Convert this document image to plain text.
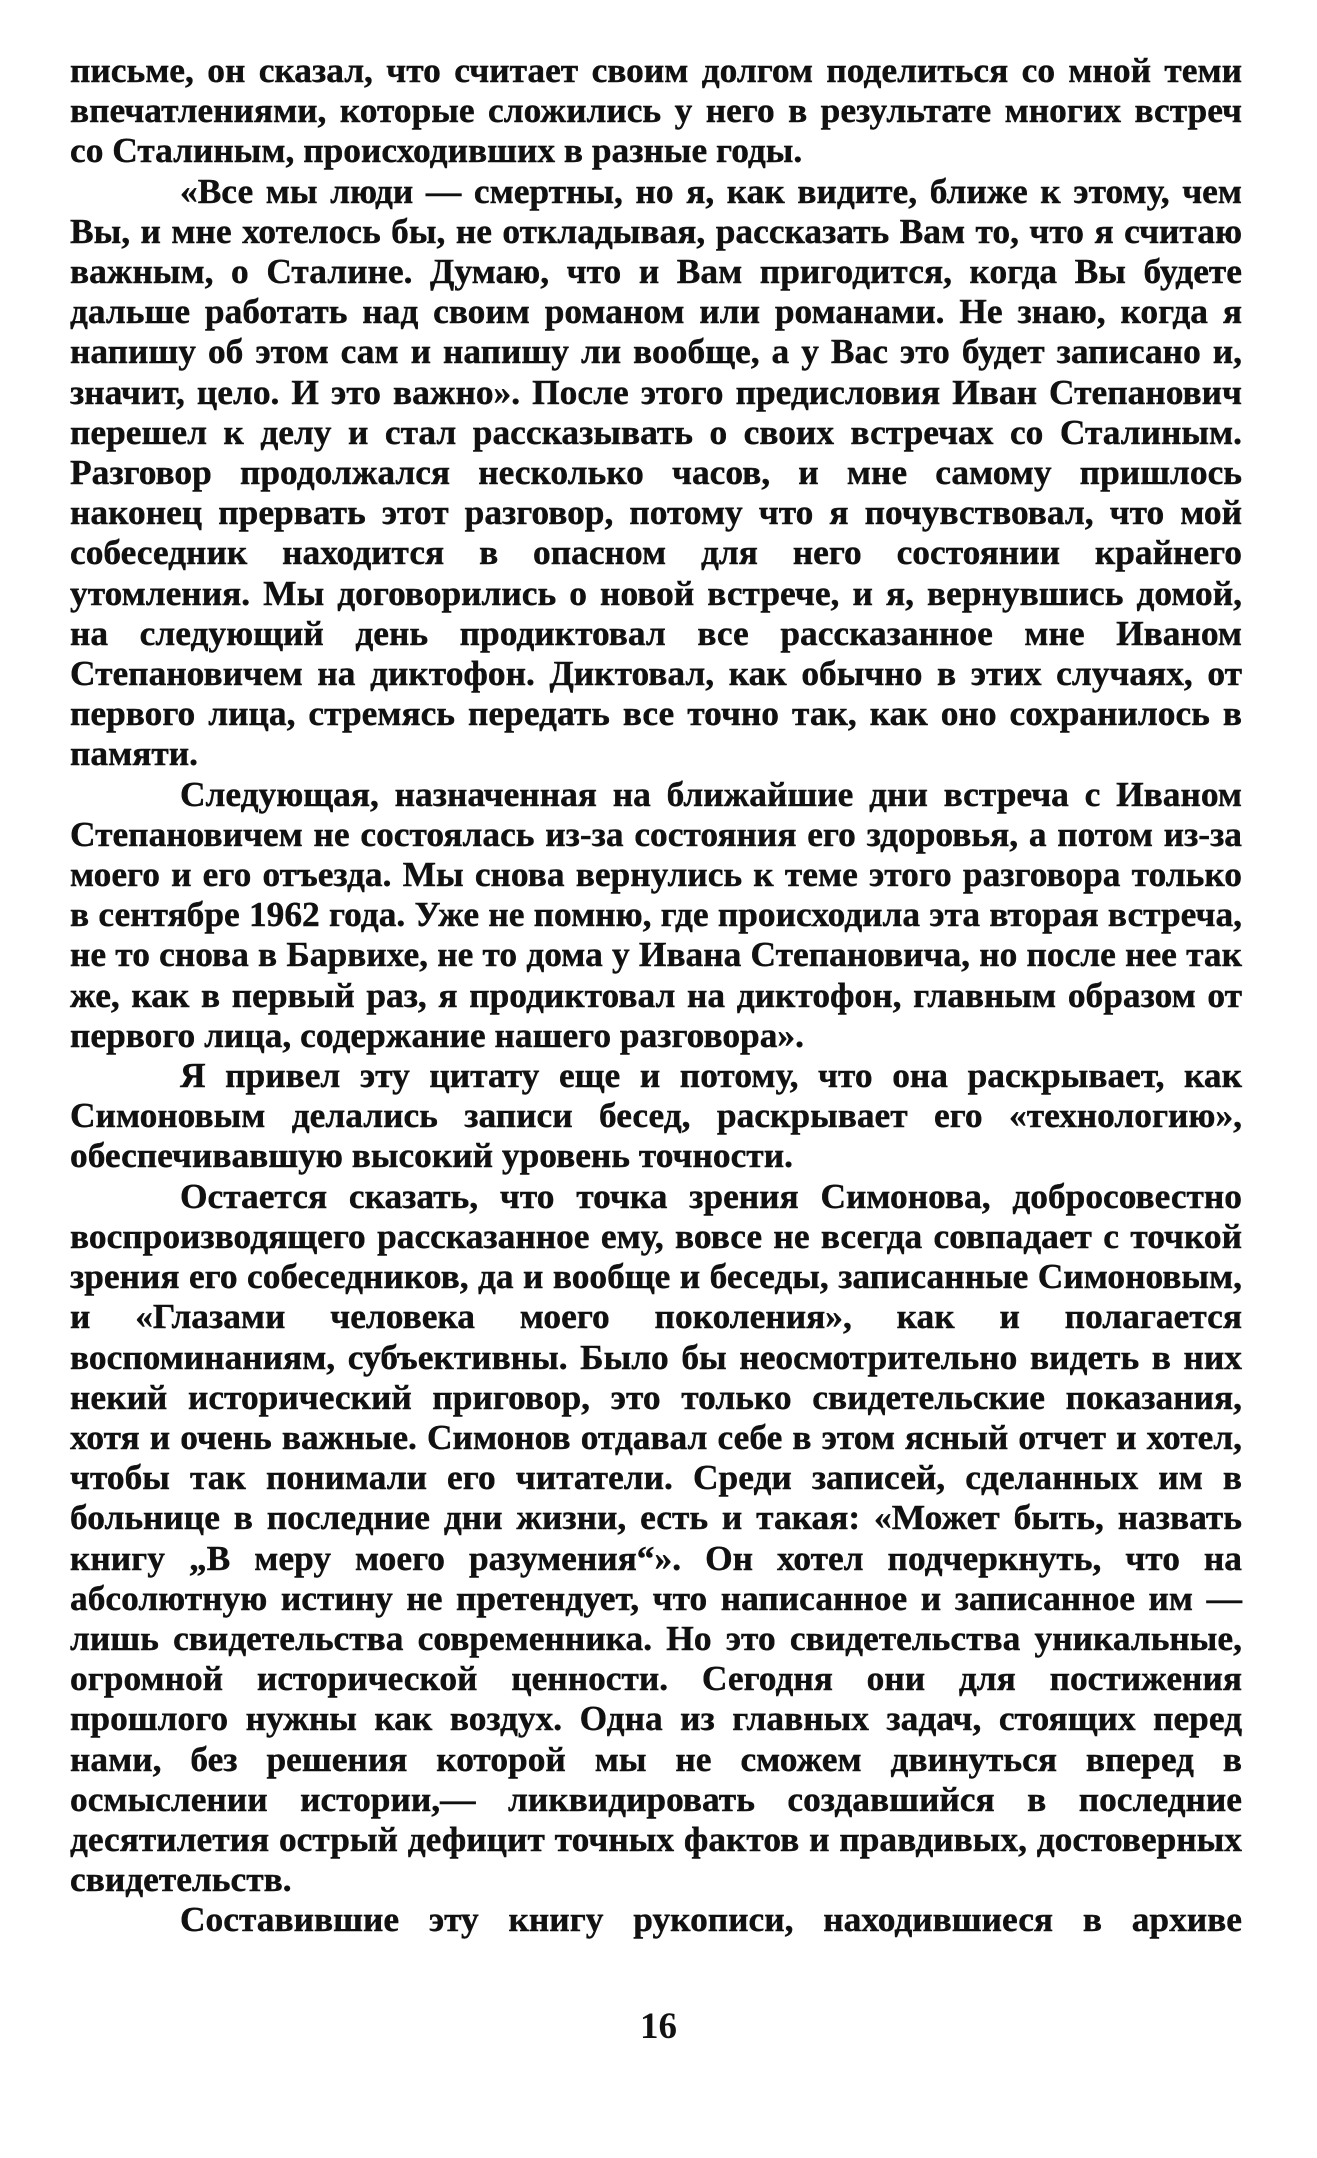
письме, он сказал, что считает своим долгом поделиться со мной теми впечатлениями, которые сложились у него в результате многих встреч со Сталиным, происходивших в разные годы.

«Все мы люди — смертны, но я, как видите, ближе к этому, чем Вы, и мне хотелось бы, не откладывая, рассказать Вам то, что я считаю важным, о Сталине. Думаю, что и Вам пригодится, когда Вы будете дальше работать над своим романом или романами. Не знаю, когда я напишу об этом сам и напишу ли вообще, а у Вас это будет записано и, значит, цело. И это важно». После этого предисловия Иван Степанович перешел к делу и стал рассказывать о своих встречах со Сталиным. Разговор продолжался несколько часов, и мне самому пришлось наконец прервать этот разговор, потому что я почувствовал, что мой собеседник находится в опасном для него состоянии крайнего утомления. Мы договорились о новой встрече, и я, вернувшись домой, на следующий день продиктовал все рассказанное мне Иваном Степановичем на диктофон. Диктовал, как обычно в этих случаях, от первого лица, стремясь передать все точно так, как оно сохранилось в памяти.

Следующая, назначенная на ближайшие дни встреча с Иваном Степановичем не состоялась из-за состояния его здоровья, а потом из-за моего и его отъезда. Мы снова вернулись к теме этого разговора только в сентябре 1962 года. Уже не помню, где происходила эта вторая встреча, не то снова в Барвихе, не то дома у Ивана Степановича, но после нее так же, как в первый раз, я продиктовал на диктофон, главным образом от первого лица, содержание нашего разговора».

Я привел эту цитату еще и потому, что она раскрывает, как Симоновым делались записи бесед, раскрывает его «технологию», обеспечивавшую высокий уровень точности.

Остается сказать, что точка зрения Симонова, добросовестно воспроизводящего рассказанное ему, вовсе не всегда совпадает с точкой зрения его собеседников, да и вообще и беседы, записанные Симоновым, и «Глазами человека моего поколения», как и полагается воспоминаниям, субъективны. Было бы неосмотрительно видеть в них некий исторический приговор, это только свидетельские показания, хотя и очень важные. Симонов отдавал себе в этом ясный отчет и хотел, чтобы так понимали его читатели. Среди записей, сделанных им в больнице в последние дни жизни, есть и такая: «Может быть, назвать книгу „В меру моего разумения“». Он хотел подчеркнуть, что на абсолютную истину не претендует, что написанное и записанное им — лишь свидетельства современника. Но это свидетельства уникальные, огромной исторической ценности. Сегодня они для постижения прошлого нужны как воздух. Одна из главных задач, стоящих перед нами, без решения которой мы не сможем двинуться вперед в осмыслении истории,— ликвидировать создавшийся в последние десятилетия острый дефицит точных фактов и правдивых, достоверных свидетельств.

Составившие эту книгу рукописи, находившиеся в архиве

16
